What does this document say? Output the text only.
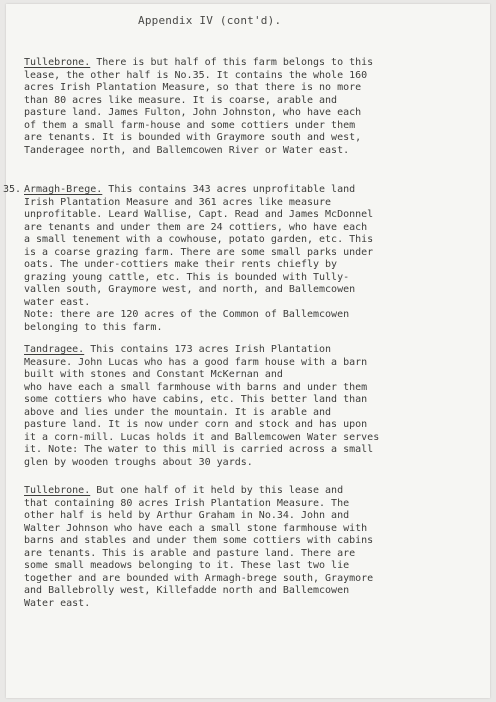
Appendix IV (cont'd).
Tullebrone. There is but half of this farm belongs to this
lease, the other half is No.35. It contains the whole 160
acres Irish Plantation Measure, so that there is no more
than 80 acres like measure. It is coarse, arable and
pasture land. James Fulton, John Johnston, who have each
of them a small farm-house and some cottiers under them
are tenants. It is bounded with Graymore south and west,
Tanderagee north, and Ballemcowen River or Water east.
35. Armagh-Brege. This contains 343 acres unprofitable land
Irish Plantation Measure and 361 acres like measure
unprofitable. Leard Wallise, Capt. Read and James McDonnel
are tenants and under them are 24 cottiers, who have each
a small tenement with a cowhouse, potato garden, etc. This
is a coarse grazing farm. There are some small parks under
oats. The under-cottiers make their rents chiefly by
grazing young cattle, etc. This is bounded with Tully-
vallen south, Graymore west, and north, and Ballemcowen
water east.
Note: there are 120 acres of the Common of Ballemcowen
belonging to this farm.
Tandragee. This contains 173 acres Irish Plantation
Measure. John Lucas who has a good farm house with a barn
built with stones and Constant McKernan and
who have each a small farmhouse with barns and under them
some cottiers who have cabins, etc. This better land than
above and lies under the mountain. It is arable and
pasture land. It is now under corn and stock and has upon
it a corn-mill. Lucas holds it and Ballemcowen Water serves
it. Note: The water to this mill is carried across a small
glen by wooden troughs about 30 yards.
Tullebrone. But one half of it held by this lease and
that containing 80 acres Irish Plantation Measure. The
other half is held by Arthur Graham in No.34. John and
Walter Johnson who have each a small stone farmhouse with
barns and stables and under them some cottiers with cabins
are tenants. This is arable and pasture land. There are
some small meadows belonging to it. These last two lie
together and are bounded with Armagh-brege south, Graymore
and Ballebrolly west, Killefadde north and Ballemcowen
Water east.
